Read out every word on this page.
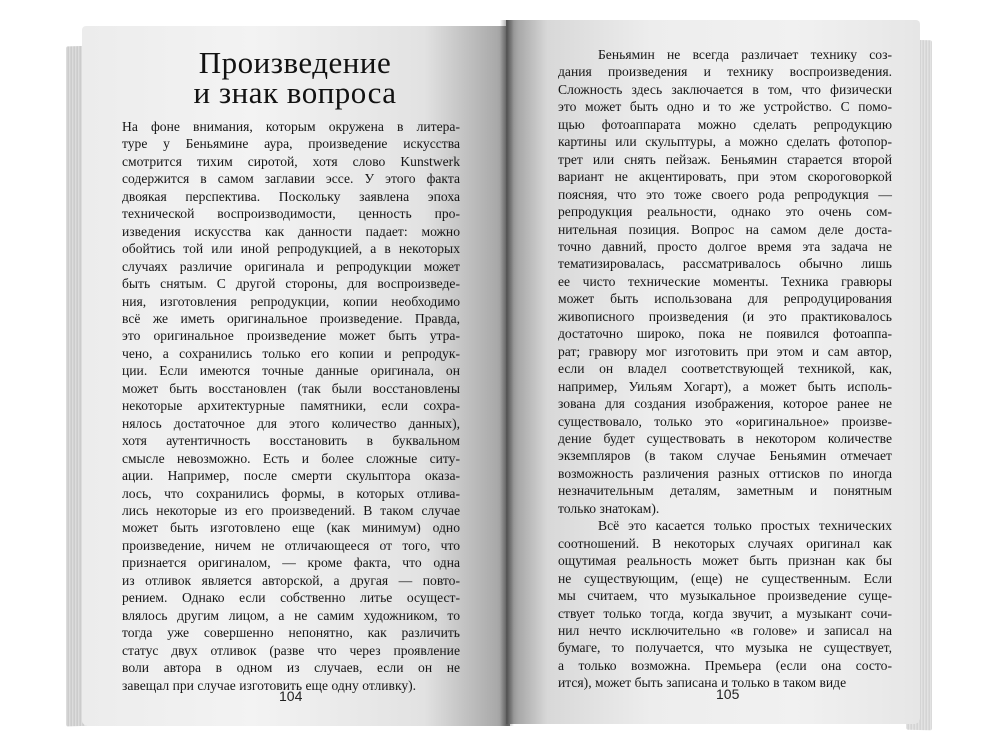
Произведение
и знак вопроса
На фоне внимания, которым окружена в литера-
туре у Беньямине аура, произведение искусства
смотрится тихим сиротой, хотя слово Kunstwerk
содержится в самом заглавии эссе. У этого факта
двоякая перспектива. Поскольку заявлена эпоха
технической воспроизводимости, ценность про-
изведения искусства как данности падает: можно
обойтись той или иной репродукцией, а в некоторых
случаях различие оригинала и репродукции может
быть снятым. С другой стороны, для воспроизведе-
ния, изготовления репродукции, копии необходимо
всё же иметь оригинальное произведение. Правда,
это оригинальное произведение может быть утра-
чено, а сохранились только его копии и репродук-
ции. Если имеются точные данные оригинала, он
может быть восстановлен (так были восстановлены
некоторые архитектурные памятники, если сохра-
нялось достаточное для этого количество данных),
хотя аутентичность восстановить в буквальном
смысле невозможно. Есть и более сложные ситу-
ации. Например, после смерти скульптора оказа-
лось, что сохранились формы, в которых отлива-
лись некоторые из его произведений. В таком случае
может быть изготовлено еще (как минимум) одно
произведение, ничем не отличающееся от того, что
признается оригиналом, — кроме факта, что одна
из отливок является авторской, а другая — повто-
рением. Однако если собственно литье осущест-
влялось другим лицом, а не самим художником, то
тогда уже совершенно непонятно, как различить
статус двух отливок (разве что через проявление
воли автора в одном из случаев, если он не
завещал при случае изготовить еще одну отливку).
Беньямин не всегда различает технику соз-
дания произведения и технику воспроизведения.
Сложность здесь заключается в том, что физически
это может быть одно и то же устройство. С помо-
щью фотоаппарата можно сделать репродукцию
картины или скульптуры, а можно сделать фотопор-
трет или снять пейзаж. Беньямин старается второй
вариант не акцентировать, при этом скороговоркой
поясняя, что это тоже своего рода репродукция —
репродукция реальности, однако это очень сом-
нительная позиция. Вопрос на самом деле доста-
точно давний, просто долгое время эта задача не
тематизировалась, рассматривалось обычно лишь
ее чисто технические моменты. Техника гравюры
может быть использована для репродуцирования
живописного произведения (и это практиковалось
достаточно широко, пока не появился фотоаппа-
рат; гравюру мог изготовить при этом и сам автор,
если он владел соответствующей техникой, как,
например, Уильям Хогарт), а может быть исполь-
зована для создания изображения, которое ранее не
существовало, только это «оригинальное» произве-
дение будет существовать в некотором количестве
экземпляров (в таком случае Беньямин отмечает
возможность различения разных оттисков по иногда
незначительным деталям, заметным и понятным
только знатокам).
Всё это касается только простых технических
соотношений. В некоторых случаях оригинал как
ощутимая реальность может быть признан как бы
не существующим, (еще) не существенным. Если
мы считаем, что музыкальное произведение суще-
ствует только тогда, когда звучит, а музыкант сочи-
нил нечто исключительно «в голове» и записал на
бумаге, то получается, что музыка не существует,
а только возможна. Премьера (если она состо-
ится), может быть записана и только в таком виде
104	105
